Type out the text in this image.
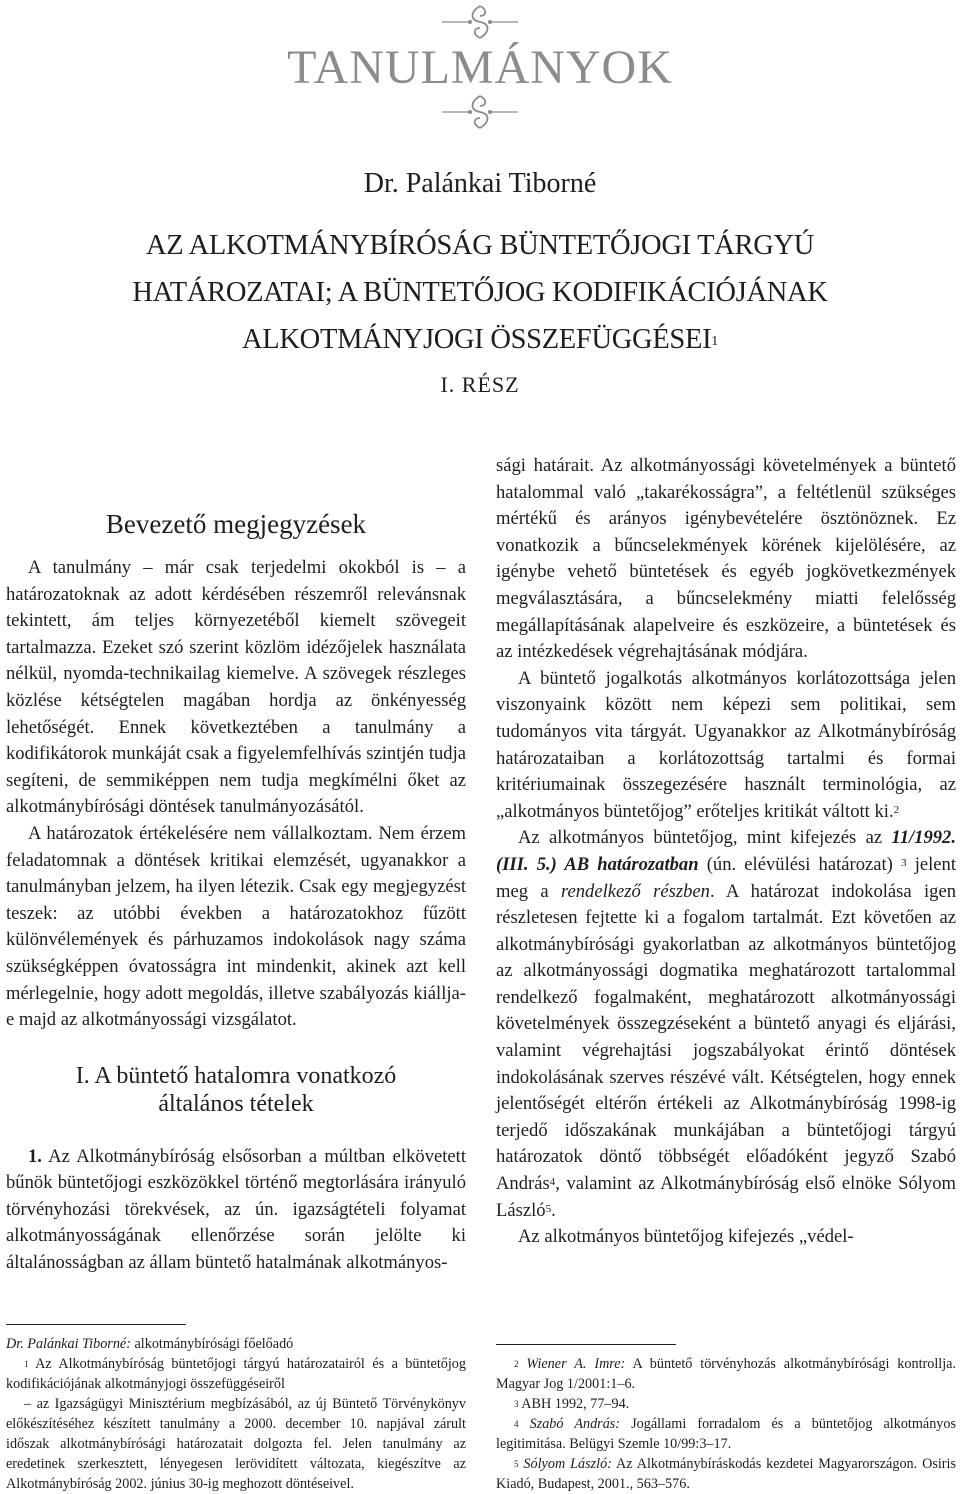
TANULMÁNYOK
Dr. Palánkai Tiborné
AZ ALKOTMÁNYBÍRÓSÁG BÜNTETŐJOGI TÁRGYÚ
HATÁROZATAI; A BÜNTETŐJOG KODIFIKÁCIÓJÁNAK
ALKOTMÁNYJOGI ÖSSZEFÜGGÉSEI$^1$
I. RÉSZ
Bevezető megjegyzések

A tanulmány – már csak terjedelmi okokból is – a határozatoknak az adott kérdésében részemről relevánsnak tekintett, ám teljes környezetéből kiemelt szövegeit tartalmazza. Ezeket szó szerint közlöm idézőjelek használata nélkül, nyomda-technikailag kiemelve. A szövegek részleges közlése kétségtelen magában hordja az önkényesség lehetőségét. Ennek következtében a tanulmány a kodifikátorok munkáját csak a figyelemfelhívás szintjén tudja segíteni, de semmiképpen nem tudja megkímélni őket az alkotmánybírósági döntések tanulmányozásától.

A határozatok értékelésére nem vállalkoztam. Nem érzem feladatomnak a döntések kritikai elemzését, ugyanakkor a tanulmányban jelzem, ha ilyen létezik. Csak egy megjegyzést teszek: az utóbbi években a határozatokhoz fűzött különvélemények és párhuzamos indokolások nagy száma szükségképpen óvatosságra int mindenkit, akinek azt kell mérlegelnie, hogy adott megoldás, illetve szabályozás kiállja-e majd az alkotmányossági vizsgálatot.

I. A büntető hatalomra vonatkozó
általános tételek

1. Az Alkotmánybíróság elsősorban a múltban elkövetett bűnök büntetőjogi eszközökkel történő megtorlására irányuló törvényhozási törekvések, az ún. igazságtételi folyamat alkotmányosságának ellenőrzése során jelölte ki általánosságban az állam büntető hatalmának alkotmányos-

sági határait. Az alkotmányossági követelmények a büntető hatalommal való „takarékosságra”, a feltétlenül szükséges mértékű és arányos igénybevételére ösztönöznek. Ez vonatkozik a bűncselekmények körének kijelölésére, az igénybe vehető büntetések és egyéb jogkövetkezmények megválasztására, a bűncselekmény miatti felelősség megállapításának alapelveire és eszközeire, a büntetések és az intézkedések végrehajtásának módjára.

A büntető jogalkotás alkotmányos korlátozottsága jelen viszonyaink között nem képezi sem politikai, sem tudományos vita tárgyát. Ugyanakkor az Alkotmánybíróság határozataiban a korlátozottság tartalmi és formai kritériumainak összegezésére használt terminológia, az „alkotmányos büntetőjog” erőteljes kritikát váltott ki.$^2$

Az alkotmányos büntetőjog, mint kifejezés az 11/1992. (III. 5.) AB határozatban (ún. elévülési határozat) $^3$ jelent meg a rendelkező részben. A határozat indokolása igen részletesen fejtette ki a fogalom tartalmát. Ezt követően az alkotmánybírósági gyakorlatban az alkotmányos büntetőjog az alkotmányossági dogmatika meghatározott tartalommal rendelkező fogalmaként, meghatározott alkotmányossági követelmények összegzéseként a büntető anyagi és eljárási, valamint végrehajtási jogszabályokat érintő döntések indokolásának szerves részévé vált. Kétségtelen, hogy ennek jelentőségét eltérőn értékeli az Alkotmánybíróság 1998-ig terjedő időszakának munkájában a büntetőjogi tárgyú határozatok döntő többségét előadóként jegyző Szabó András$^4$, valamint az Alkotmánybíróság első elnöke Sólyom László$^5$.

Az alkotmányos büntetőjog kifejezés „védel-

Dr. Palánkai Tiborné: alkotmánybírósági főelőadó

$^1$ Az Alkotmánybíróság büntetőjogi tárgyú határozatairól és a büntetőjog kodifikációjának alkotmányjogi összefüggéseiről

– az Igazságügyi Minisztérium megbízásából, az új Büntető Törvénykönyv előkészítéséhez készített tanulmány a 2000. december 10. napjával zárult időszak alkotmánybírósági határozatait dolgozta fel. Jelen tanulmány az eredetinek szerkesztett, lényegesen lerövidített változata, kiegészítve az Alkotmánybíróság 2002. június 30-ig meghozott döntéseivel.

$^2$ Wiener A. Imre: A büntető törvényhozás alkotmánybírósági kontrollja. Magyar Jog 1/2001:1–6.

$^3$ ABH 1992, 77–94.

$^4$ Szabó András: Jogállami forradalom és a büntetőjog alkotmányos legitimitása. Belügyi Szemle 10/99:3–17.

$^5$ Sólyom László: Az Alkotmánybíráskodás kezdetei Magyarországon. Osiris Kiadó, Budapest, 2001., 563–576.
